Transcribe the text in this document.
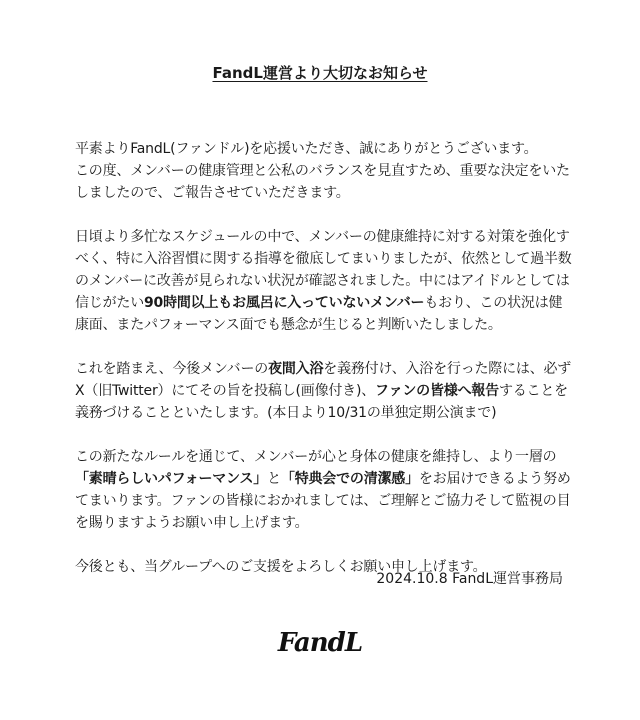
FandL運営より大切なお知らせ
平素よりFandL(ファンドル)を応援いただき、誠にありがとうございます。
この度、メンバーの健康管理と公私のバランスを見直すため、重要な決定をいた
しましたので、ご報告させていただきます。
日頃より多忙なスケジュールの中で、メンバーの健康維持に対する対策を強化す
べく、特に入浴習慣に関する指導を徹底してまいりましたが、依然として過半数
のメンバーに改善が見られない状況が確認されました。中にはアイドルとしては
信じがたい90時間以上もお風呂に入っていないメンバーもおり、この状況は健
康面、またパフォーマンス面でも懸念が生じると判断いたしました。
これを踏まえ、今後メンバーの夜間入浴を義務付け、入浴を行った際には、必ず
X（旧Twitter）にてその旨を投稿し(画像付き)、ファンの皆様へ報告することを
義務づけることといたします。(本日より10/31の単独定期公演まで)
この新たなルールを通じて、メンバーが心と身体の健康を維持し、より一層の
「素晴らしいパフォーマンス」と「特典会での清潔感」をお届けできるよう努め
てまいります。ファンの皆様におかれましては、ご理解とご協力そして監視の目
を賜りますようお願い申し上げます。
今後とも、当グループへのご支援をよろしくお願い申し上げます。
2024.10.8 FandL運営事務局
FandL
